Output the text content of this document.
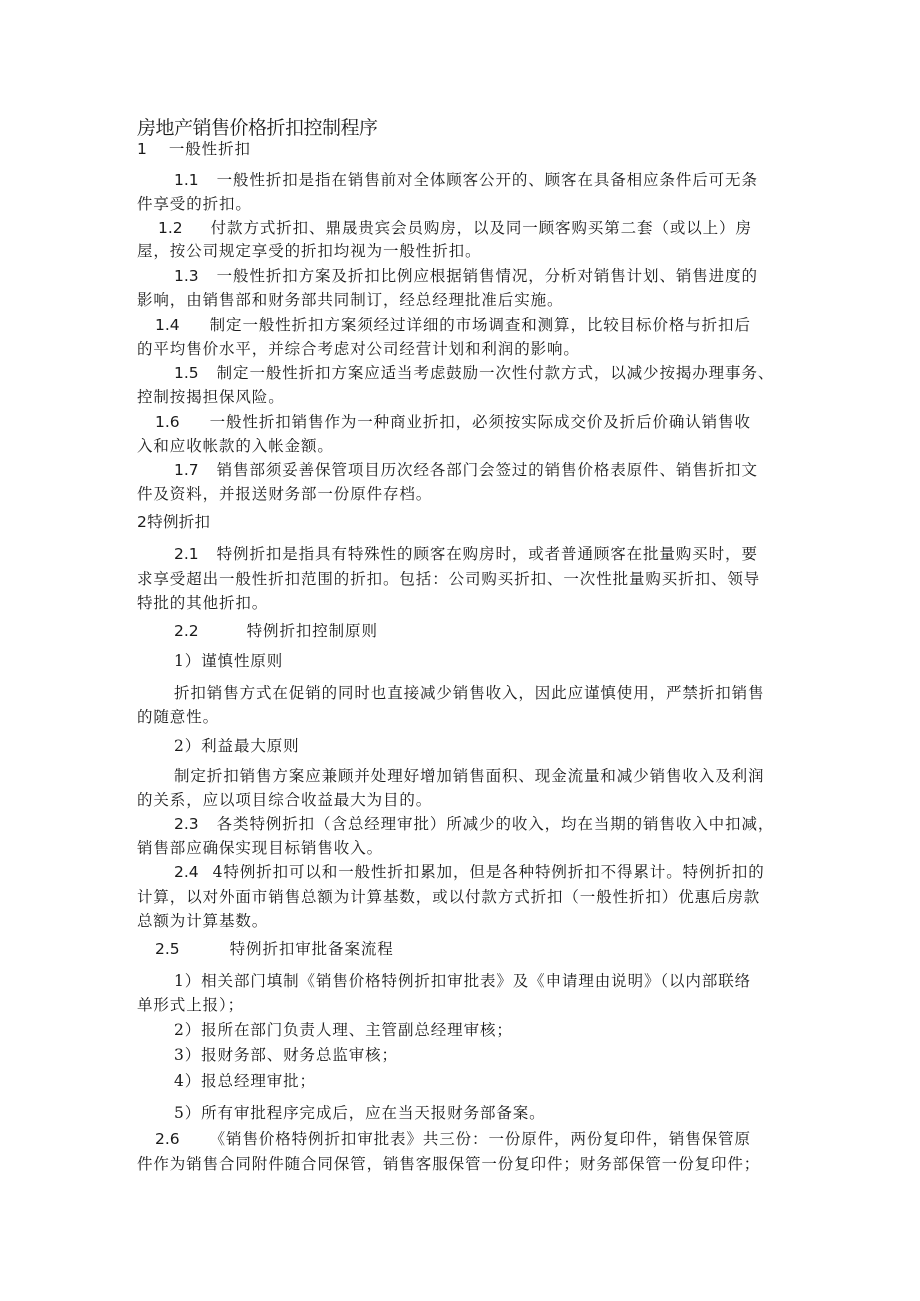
房地产销售价格折扣控制程序
1 一般性折扣
1.1 一般性折扣是指在销售前对全体顾客公开的、顾客在具备相应条件后可无条
件享受的折扣。
1.2 付款方式折扣、鼎晟贵宾会员购房，以及同一顾客购买第二套（或以上）房
屋，按公司规定享受的折扣均视为一般性折扣。
1.3 一般性折扣方案及折扣比例应根据销售情况，分析对销售计划、销售进度的
影响，由销售部和财务部共同制订，经总经理批准后实施。
1.4 制定一般性折扣方案须经过详细的市场调查和测算，比较目标价格与折扣后
的平均售价水平，并综合考虑对公司经营计划和利润的影响。
1.5 制定一般性折扣方案应适当考虑鼓励一次性付款方式，以减少按揭办理事务、
控制按揭担保风险。
1.6 一般性折扣销售作为一种商业折扣，必须按实际成交价及折后价确认销售收
入和应收帐款的入帐金额。
1.7 销售部须妥善保管项目历次经各部门会签过的销售价格表原件、销售折扣文
件及资料，并报送财务部一份原件存档。
2特例折扣
2.1 特例折扣是指具有特殊性的顾客在购房时，或者普通顾客在批量购买时，要
求享受超出一般性折扣范围的折扣。包括：公司购买折扣、一次性批量购买折扣、领导
特批的其他折扣。
2.2	特例折扣控制原则
1）谨慎性原则
折扣销售方式在促销的同时也直接减少销售收入，因此应谨慎使用，严禁折扣销售
的随意性。
2）利益最大原则
制定折扣销售方案应兼顾并处理好增加销售面积、现金流量和减少销售收入及利润
的关系，应以项目综合收益最大为目的。
2.3 各类特例折扣（含总经理审批）所减少的收入，均在当期的销售收入中扣减，
销售部应确保实现目标销售收入。
2.4 4特例折扣可以和一般性折扣累加，但是各种特例折扣不得累计。特例折扣的
计算，以对外面市销售总额为计算基数，或以付款方式折扣（一般性折扣）优惠后房款
总额为计算基数。
2.5	特例折扣审批备案流程
1）相关部门填制《销售价格特例折扣审批表》及《申请理由说明》（以内部联络
单形式上报）；
2）报所在部门负责人理、主管副总经理审核；
3）报财务部、财务总监审核；
4）报总经理审批；
5）所有审批程序完成后，应在当天报财务部备案。
2.6 《销售价格特例折扣审批表》共三份：一份原件，两份复印件，销售保管原
件作为销售合同附件随合同保管，销售客服保管一份复印件；财务部保管一份复印件；
